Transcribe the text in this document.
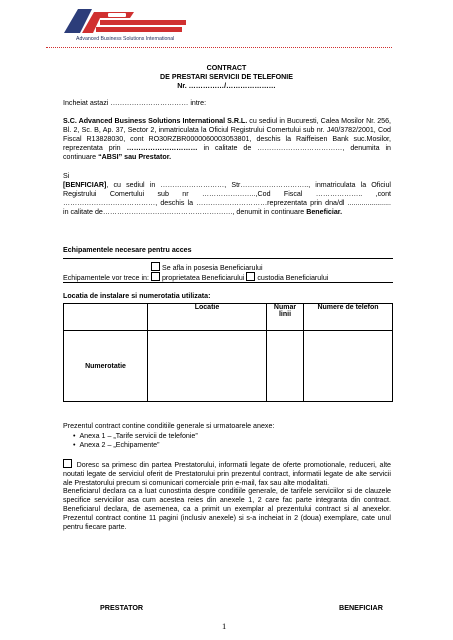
Advanced Business Solutions International
CONTRACT
DE PRESTARI SERVICII DE TELEFONIE
Nr. ……………/…………………
Incheiat astazi …………………………… intre:
S.C. Advanced Business Solutions International S.R.L. cu sediul in Bucuresti, Calea Mosilor Nr. 256, Bl. 2, Sc. B, Ap. 37, Sector 2, inmatriculata la Oficiul Registrului Comertului sub nr. J40/3782/2001, Cod Fiscal R13828030, cont RO30RZBR0000060003053801, deschis la Raiffeisen Bank suc.Mosilor, reprezentata prin ………………………… in calitate de ………………………………, denumita in continuare “ABSI” sau Prestator.
Si
[BENFICIAR], cu sediul in ………………………, Str……………………….., inmatriculata la Oficiul Registrului Comertului sub nr …………………..,Cod Fiscal ……………….. ,cont …………………………………, deschis la …………………………reprezentata prin dna/dl ...................... in calitate de………………………………………………., denumit in continuare Beneficiar.
Echipamentele necesare pentru acces
Se afla in posesia Beneficiarului
Echipamentele vor trece in: proprietatea Beneficiarului custodia Beneficiarului
Locatia de instalare si numerotatia utilizata:
	Locatie	Numar linii	Numere de telefon
Numerotatie			
Prezentul contract contine conditiile generale si urmatoarele anexe:
• Anexa 1 – „Tarife servicii de telefonie”
• Anexa 2 – „Echipamente”
Doresc sa primesc din partea Prestatorului, informatii legate de oferte promotionale, reduceri, alte noutati legate de serviciul oferit de Prestatorului prin prezentul contract, informatii legate de alte servicii ale Prestatorului precum si comunicari comerciale prin e-mail, fax sau alte modalitati.
Beneficiarul declara ca a luat cunostinta despre conditiile generale, de tarifele serviciilor si de clauzele specifice serviciilor asa cum acestea reies din anexele 1, 2 care fac parte integranta din contract. Beneficiarul declara, de asemenea, ca a primit un exemplar al prezentului contract si al anexelor. Prezentul contract contine 11 pagini (inclusiv anexele) si s-a incheiat in 2 (doua) exemplare, cate unul pentru fiecare parte.
PRESTATOR	BENEFICIAR
1
